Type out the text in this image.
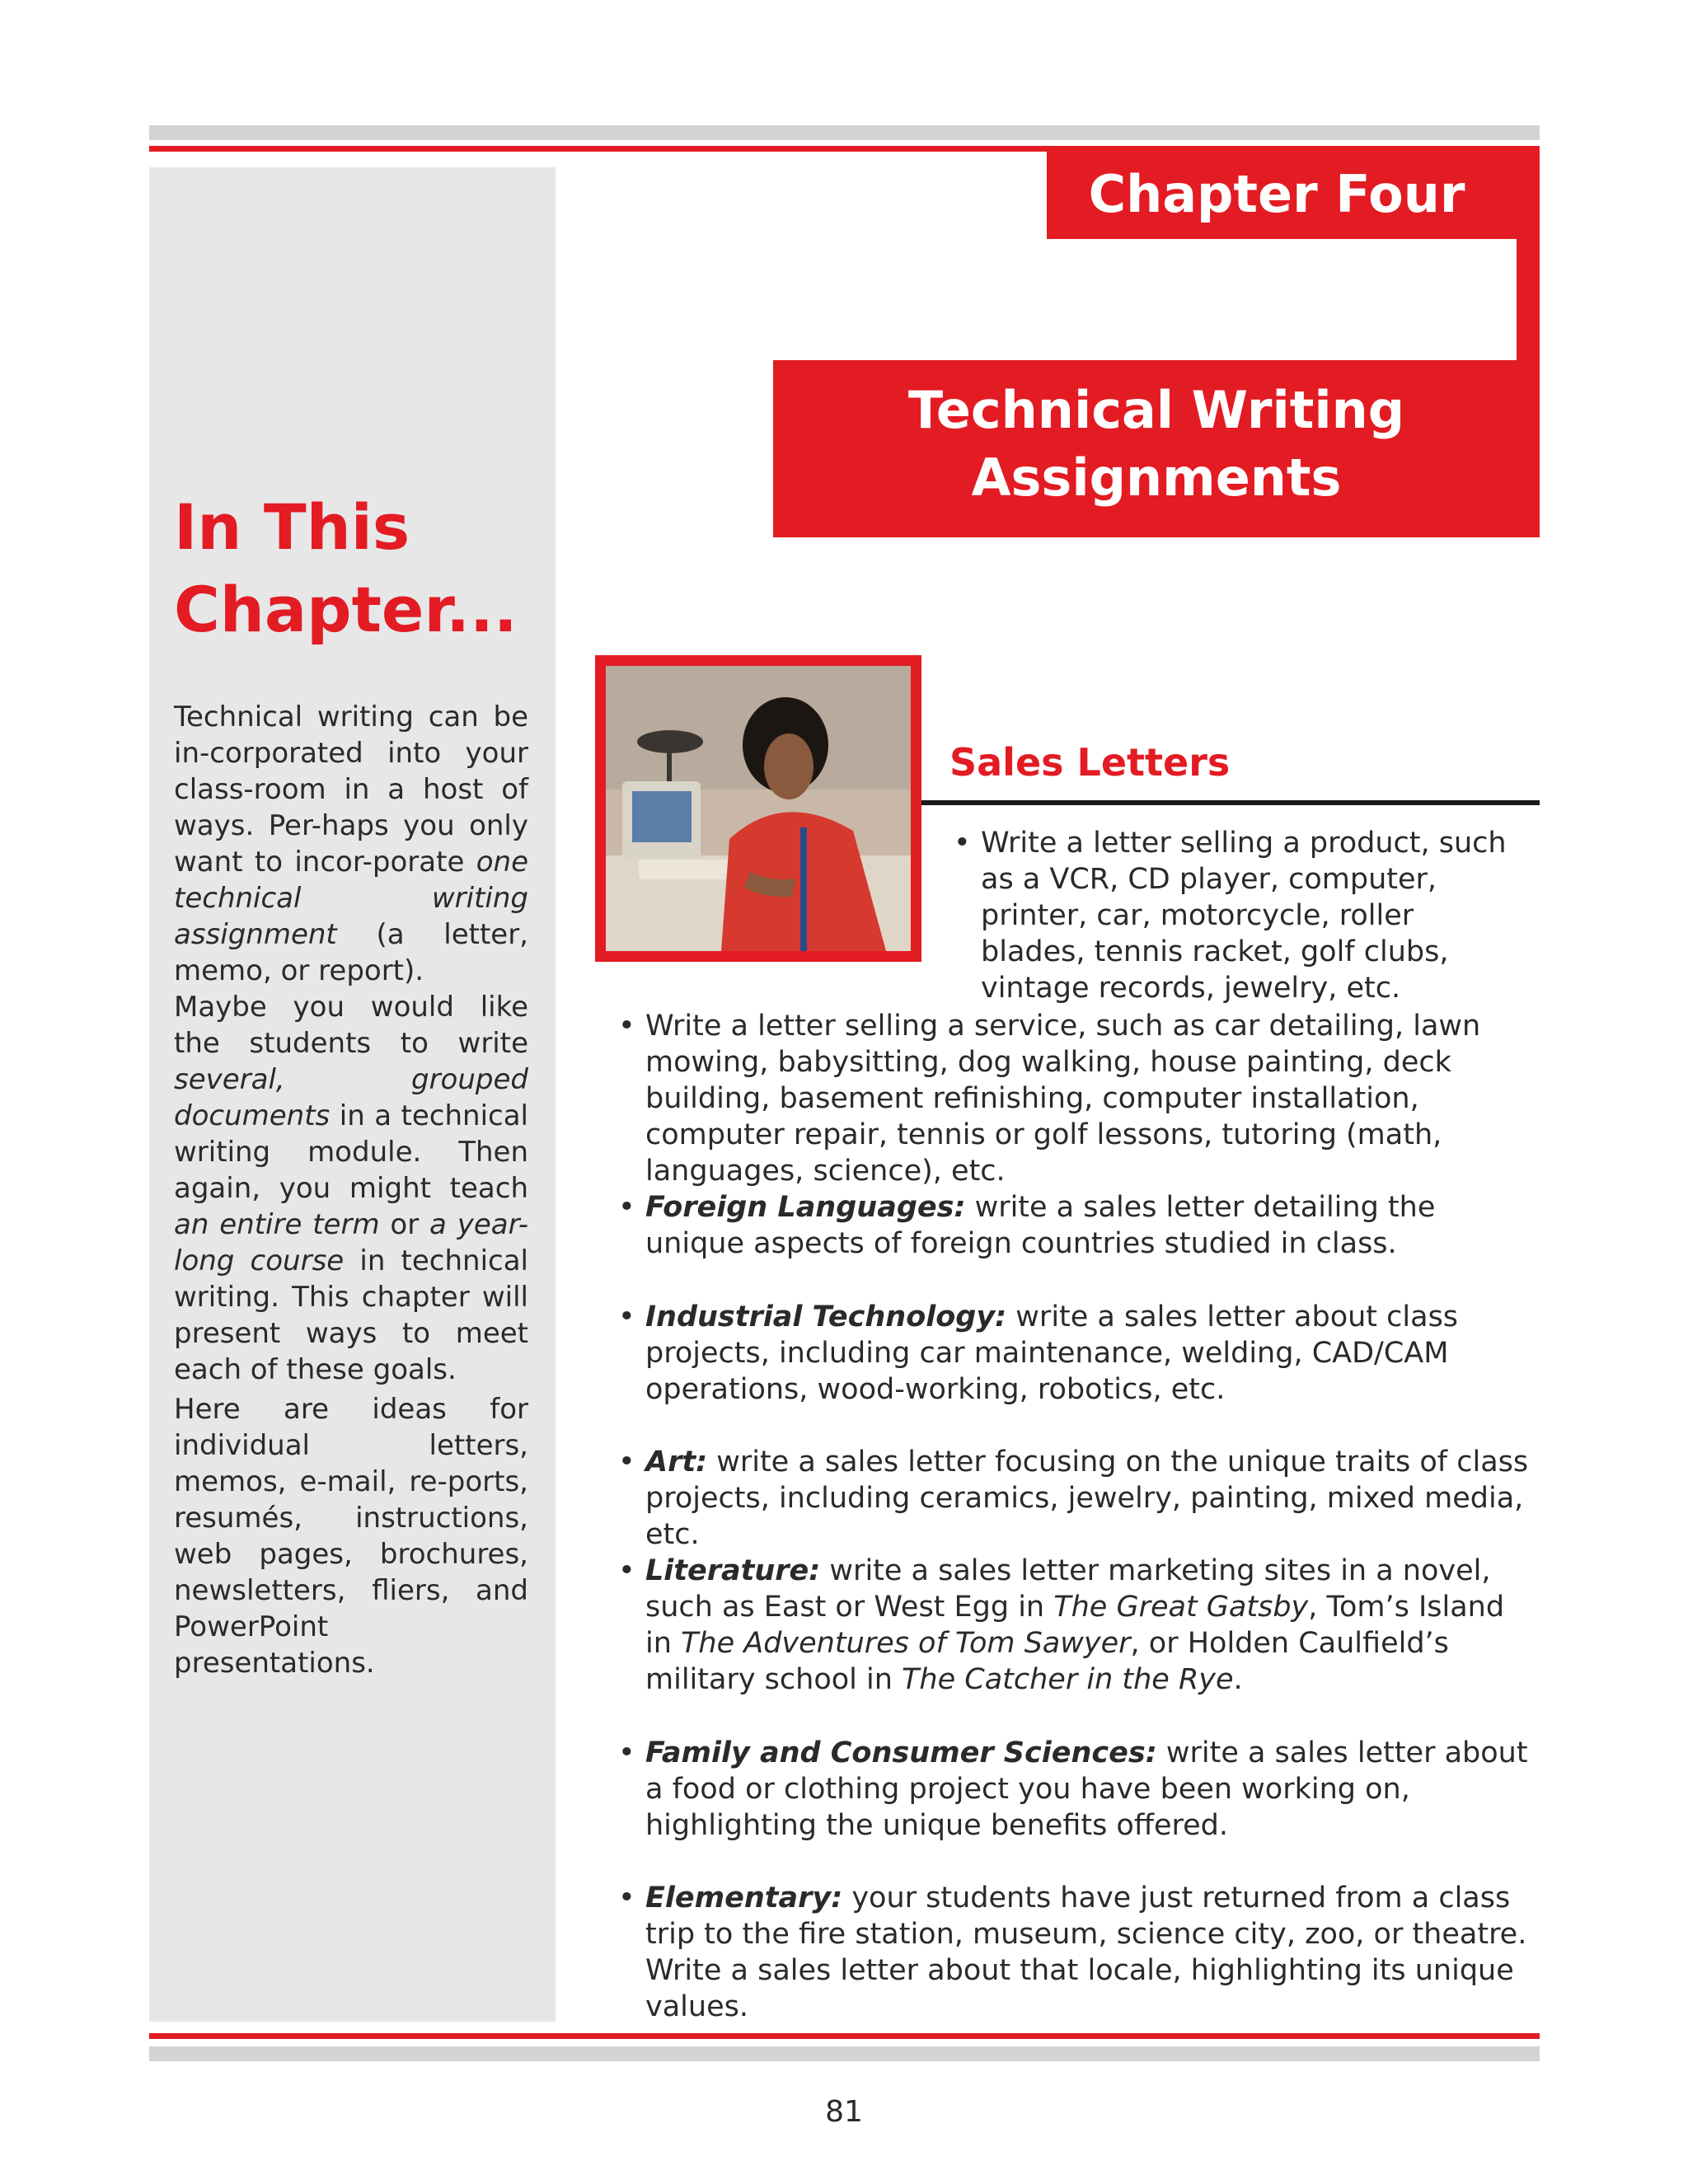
In This
Chapter...

Technical writing can be in-corporated into your class-room in a host of ways. Per-haps you only want to incor-porate one technical writing assignment (a letter, memo, or report).

Maybe you would like the students to write several, grouped documents in a technical writing module. Then again, you might teach an entire term or a year-long course in technical writing. This chapter will present ways to meet each of these goals.

Here are ideas for individual letters, memos, e-mail, re-ports, resumés, instructions, web pages, brochures, newsletters, fliers, and PowerPoint presentations.

Chapter Four
Technical Writing
Assignments
Sales Letters
• Write a letter selling a product, such as a VCR, CD player, computer, printer, car, motorcycle, roller blades, tennis racket, golf clubs, vintage records, jewelry, etc.
• Write a letter selling a service, such as car detailing, lawn mowing, babysitting, dog walking, house painting, deck building, basement refinishing, computer installation, computer repair, tennis or golf lessons, tutoring (math, languages, science), etc.
• Foreign Languages: write a sales letter detailing the unique aspects of foreign countries studied in class.
• Industrial Technology: write a sales letter about class projects, including car maintenance, welding, CAD/CAM operations, wood-working, robotics, etc.
• Art: write a sales letter focusing on the unique traits of class projects, including ceramics, jewelry, painting, mixed media, etc.
• Literature: write a sales letter marketing sites in a novel, such as East or West Egg in The Great Gatsby, Tom’s Island in The Adventures of Tom Sawyer, or Holden Caulfield’s military school in The Catcher in the Rye.
• Family and Consumer Sciences: write a sales letter about a food or clothing project you have been working on, highlighting the unique benefits offered.
• Elementary: your students have just returned from a class trip to the fire station, museum, science city, zoo, or theatre. Write a sales letter about that locale, highlighting its unique values.
81
